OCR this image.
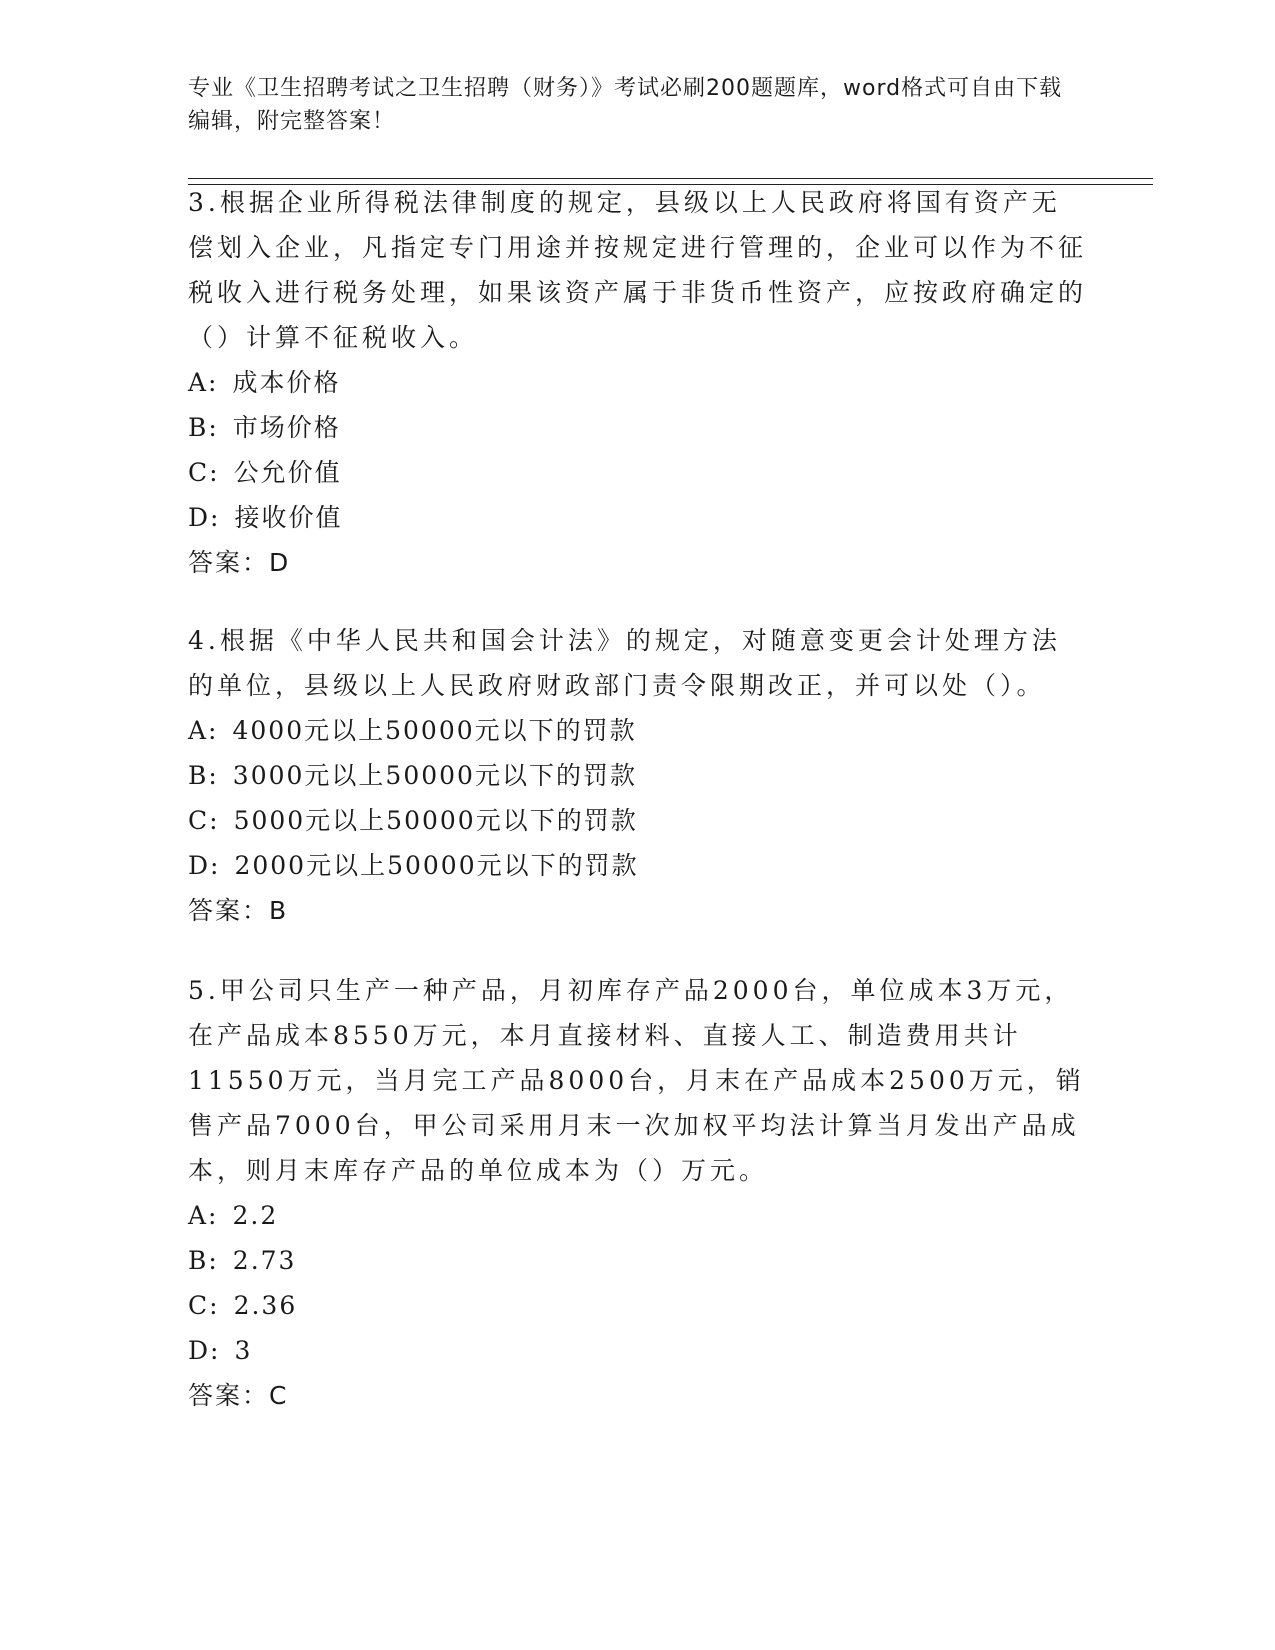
专业《卫生招聘考试之卫生招聘（财务）》考试必刷200题题库，word格式可自由下载编辑，附完整答案！

3.根据企业所得税法律制度的规定，县级以上人民政府将国有资产无偿划入企业，凡指定专门用途并按规定进行管理的，企业可以作为不征税收入进行税务处理，如果该资产属于非货币性资产，应按政府确定的（）计算不征税收入。

A: 成本价格

B: 市场价格

C: 公允价值

D: 接收价值

答案：D

4.根据《中华人民共和国会计法》的规定，对随意变更会计处理方法的单位，县级以上人民政府财政部门责令限期改正，并可以处（）。

A: 4000元以上50000元以下的罚款

B: 3000元以上50000元以下的罚款

C: 5000元以上50000元以下的罚款

D: 2000元以上50000元以下的罚款

答案：B

5.甲公司只生产一种产品，月初库存产品2000台，单位成本3万元，在产品成本8550万元，本月直接材料、直接人工、制造费用共计11550万元，当月完工产品8000台，月末在产品成本2500万元，销售产品7000台，甲公司采用月末一次加权平均法计算当月发出产品成本，则月末库存产品的单位成本为（）万元。

A: 2.2

B: 2.73

C: 2.36

D: 3

答案：C
